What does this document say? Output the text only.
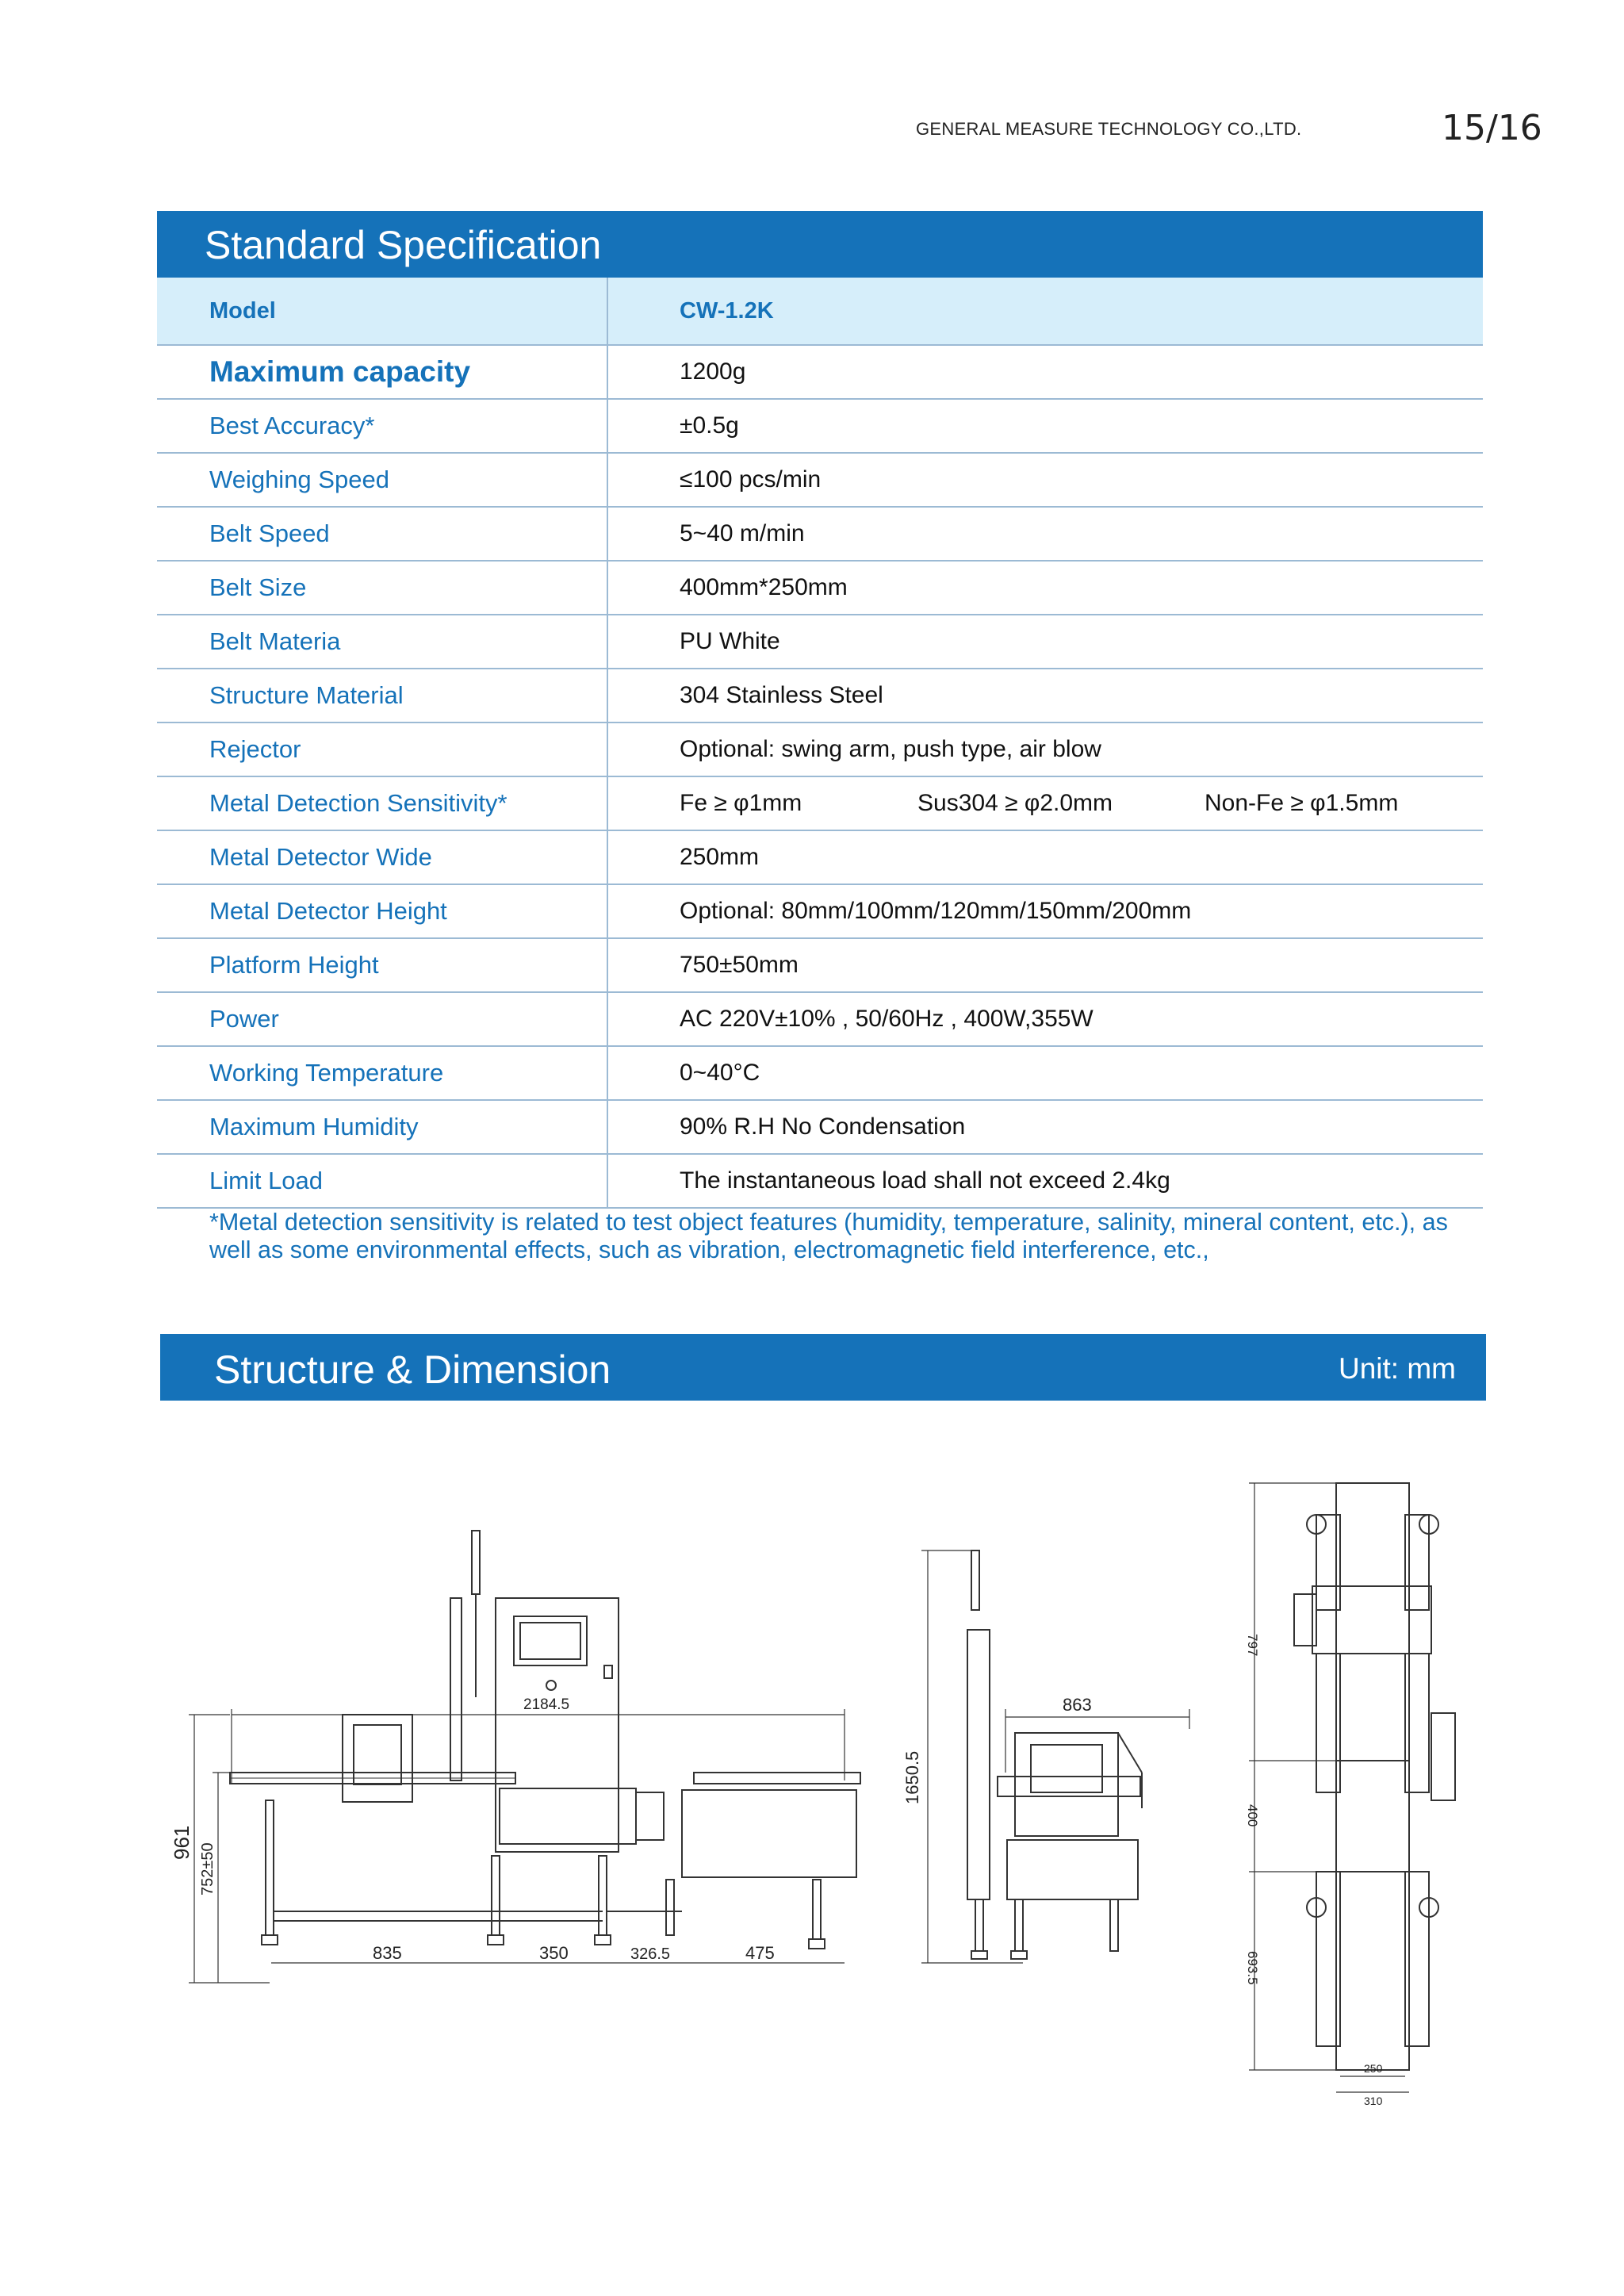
GENERAL MEASURE TECHNOLOGY CO.,LTD.	15/16
Standard Specification
Model	CW-1.2K
Maximum capacity	1200g
Best Accuracy*	±0.5g
Weighing Speed	≤100 pcs/min
Belt Speed	5~40 m/min
Belt Size	400mm*250mm
Belt Materia	PU White
Structure Material	304 Stainless Steel
Rejector	Optional: swing arm, push type, air blow
Metal Detection Sensitivity*	Fe ≥ φ1mm Sus304 ≥ φ2.0mm Non-Fe ≥ φ1.5mm
Metal Detector Wide	250mm
Metal Detector Height	Optional: 80mm/100mm/120mm/150mm/200mm
Platform Height	750±50mm
Power	AC 220V±10% , 50/60Hz , 400W,355W
Working Temperature	0~40°C
Maximum Humidity	90% R.H No Condensation
Limit Load	The instantaneous load shall not exceed 2.4kg
*Metal detection sensitivity is related to test object features (humidity, temperature, salinity, mineral content, etc.), as well as some environmental effects, such as vibration, electromagnetic field interference, etc.,
Structure & Dimension	Unit: mm
2184.5
835	350	326.5	475
961
752±50
1650.5
863
797
400
693.5
250
310
